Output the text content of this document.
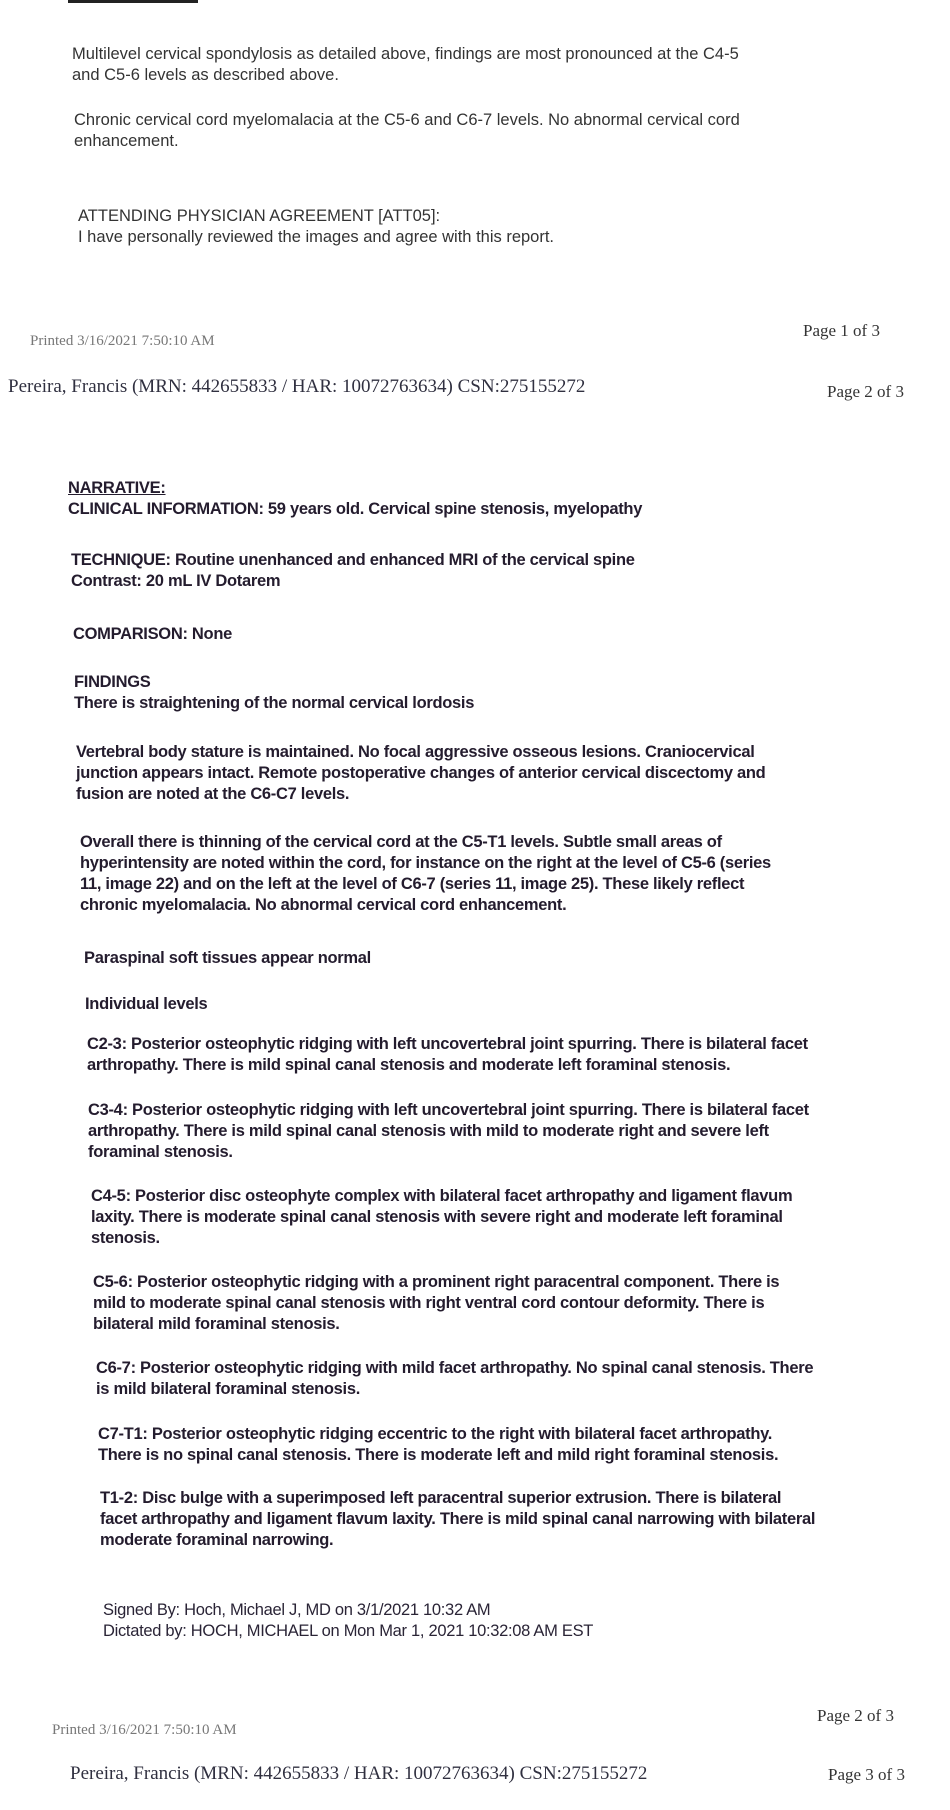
Multilevel cervical spondylosis as detailed above, findings are most pronounced at the C4-5
and C5-6 levels as described above.
Chronic cervical cord myelomalacia at the C5-6 and C6-7 levels. No abnormal cervical cord
enhancement.
ATTENDING PHYSICIAN AGREEMENT [ATT05]:
I have personally reviewed the images and agree with this report.
Printed 3/16/2021 7:50:10 AM
Page 1 of 3
Pereira, Francis (MRN: 442655833 / HAR: 10072763634) CSN:275155272	Page 2 of 3
NARRATIVE:
CLINICAL INFORMATION: 59 years old. Cervical spine stenosis, myelopathy
TECHNIQUE: Routine unenhanced and enhanced MRI of the cervical spine
Contrast: 20 mL IV Dotarem
COMPARISON: None
FINDINGS
There is straightening of the normal cervical lordosis
Vertebral body stature is maintained. No focal aggressive osseous lesions. Craniocervical
junction appears intact. Remote postoperative changes of anterior cervical discectomy and
fusion are noted at the C6-C7 levels.
Overall there is thinning of the cervical cord at the C5-T1 levels. Subtle small areas of
hyperintensity are noted within the cord, for instance on the right at the level of C5-6 (series
11, image 22) and on the left at the level of C6-7 (series 11, image 25). These likely reflect
chronic myelomalacia. No abnormal cervical cord enhancement.
Paraspinal soft tissues appear normal
Individual levels
C2-3: Posterior osteophytic ridging with left uncovertebral joint spurring. There is bilateral facet
arthropathy. There is mild spinal canal stenosis and moderate left foraminal stenosis.
C3-4: Posterior osteophytic ridging with left uncovertebral joint spurring. There is bilateral facet
arthropathy. There is mild spinal canal stenosis with mild to moderate right and severe left
foraminal stenosis.
C4-5: Posterior disc osteophyte complex with bilateral facet arthropathy and ligament flavum
laxity. There is moderate spinal canal stenosis with severe right and moderate left foraminal
stenosis.
C5-6: Posterior osteophytic ridging with a prominent right paracentral component. There is
mild to moderate spinal canal stenosis with right ventral cord contour deformity. There is
bilateral mild foraminal stenosis.
C6-7: Posterior osteophytic ridging with mild facet arthropathy. No spinal canal stenosis. There
is mild bilateral foraminal stenosis.
C7-T1: Posterior osteophytic ridging eccentric to the right with bilateral facet arthropathy.
There is no spinal canal stenosis. There is moderate left and mild right foraminal stenosis.
T1-2: Disc bulge with a superimposed left paracentral superior extrusion. There is bilateral
facet arthropathy and ligament flavum laxity. There is mild spinal canal narrowing with bilateral
moderate foraminal narrowing.
Signed By: Hoch, Michael J, MD on 3/1/2021 10:32 AM
Dictated by: HOCH, MICHAEL on Mon Mar 1, 2021 10:32:08 AM EST
Printed 3/16/2021 7:50:10 AM
Page 2 of 3
Pereira, Francis (MRN: 442655833 / HAR: 10072763634) CSN:275155272	Page 3 of 3
